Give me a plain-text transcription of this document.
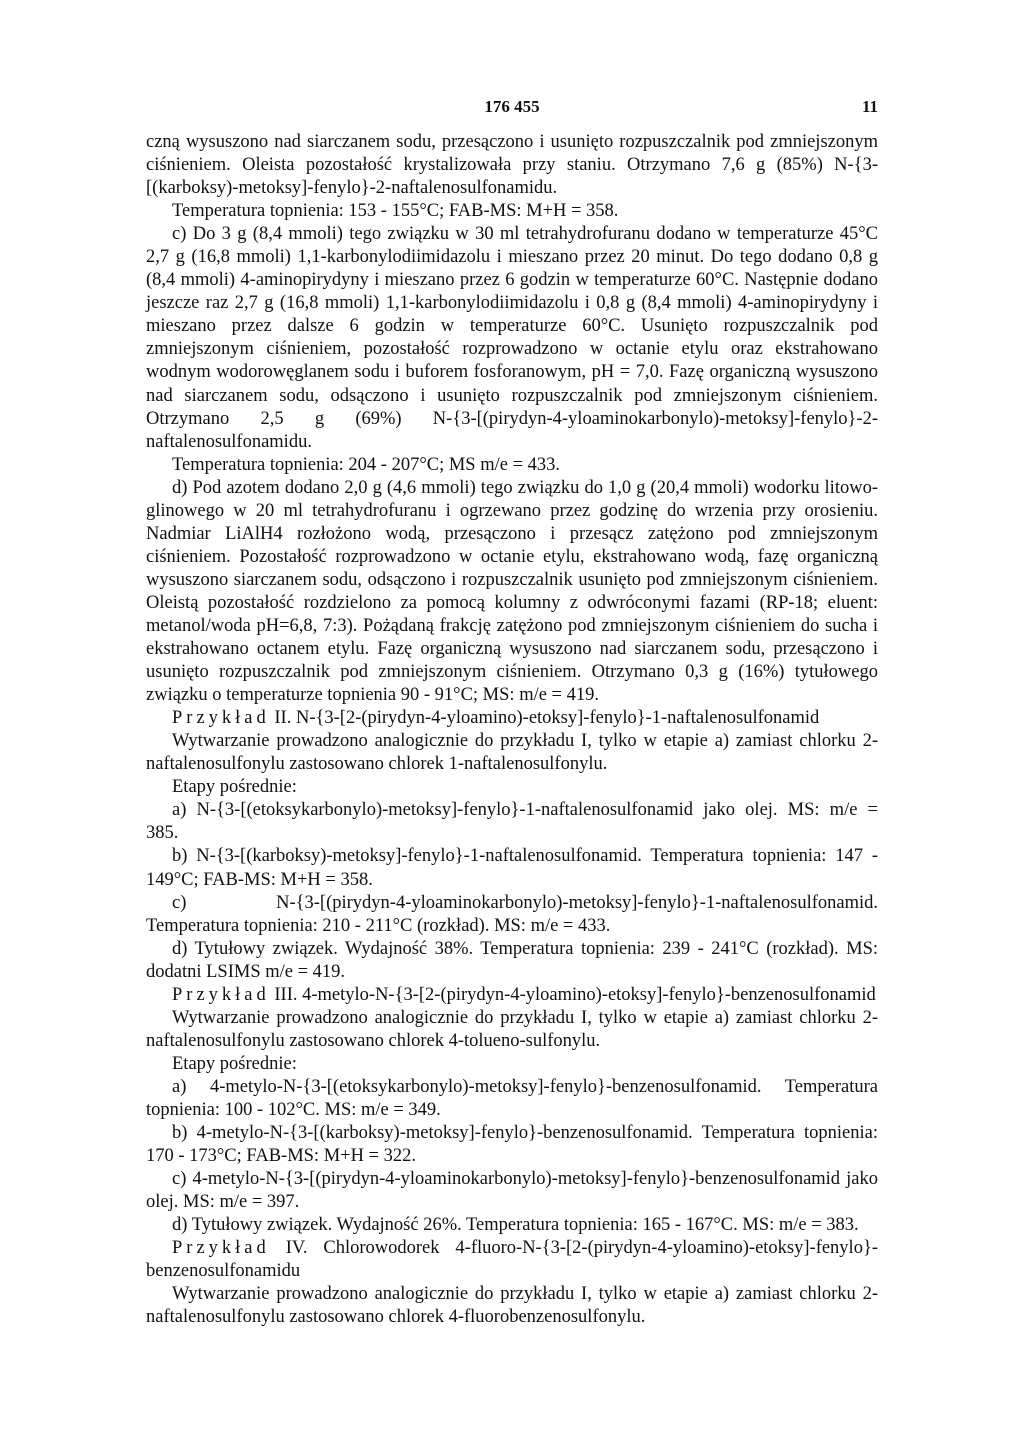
176 455	11

czną wysuszono nad siarczanem sodu, przesączono i usunięto rozpuszczalnik pod zmniejszonym ciśnieniem. Oleista pozostałość krystalizowała przy staniu. Otrzymano 7,6 g (85%) N-{3-[(karboksy)-metoksy]-fenylo}-2-naftalenosulfonamidu.

Temperatura topnienia: 153 - 155°C; FAB-MS: M+H = 358.

c) Do 3 g (8,4 mmoli) tego związku w 30 ml tetrahydrofuranu dodano w temperaturze 45°C 2,7 g (16,8 mmoli) 1,1-karbonylodiimidazolu i mieszano przez 20 minut. Do tego dodano 0,8 g (8,4 mmoli) 4-aminopirydyny i mieszano przez 6 godzin w temperaturze 60°C. Następnie dodano jeszcze raz 2,7 g (16,8 mmoli) 1,1-karbonylodiimidazolu i 0,8 g (8,4 mmoli) 4-aminopirydyny i mieszano przez dalsze 6 godzin w temperaturze 60°C. Usunięto rozpuszczalnik pod zmniejszonym ciśnieniem, pozostałość rozprowadzono w octanie etylu oraz ekstrahowano wodnym wodorowęglanem sodu i buforem fosforanowym, pH = 7,0. Fazę organiczną wysuszono nad siarczanem sodu, odsączono i usunięto rozpuszczalnik pod zmniejszonym ciśnieniem. Otrzymano 2,5 g (69%) N-{3-[(pirydyn-4-yloaminokarbonylo)-metoksy]-fenylo}-2-naftalenosulfonamidu.

Temperatura topnienia: 204 - 207°C; MS m/e = 433.

d) Pod azotem dodano 2,0 g (4,6 mmoli) tego związku do 1,0 g (20,4 mmoli) wodorku litowo-glinowego w 20 ml tetrahydrofuranu i ogrzewano przez godzinę do wrzenia przy orosieniu. Nadmiar LiAlH4 rozłożono wodą, przesączono i przesącz zatężono pod zmniejszonym ciśnieniem. Pozostałość rozprowadzono w octanie etylu, ekstrahowano wodą, fazę organiczną wysuszono siarczanem sodu, odsączono i rozpuszczalnik usunięto pod zmniejszonym ciśnieniem. Oleistą pozostałość rozdzielono za pomocą kolumny z odwróconymi fazami (RP-18; eluent: metanol/woda pH=6,8, 7:3). Pożądaną frakcję zatężono pod zmniejszonym ciśnieniem do sucha i ekstrahowano octanem etylu. Fazę organiczną wysuszono nad siarczanem sodu, przesączono i usunięto rozpuszczalnik pod zmniejszonym ciśnieniem. Otrzymano 0,3 g (16%) tytułowego związku o temperaturze topnienia 90 - 91°C; MS: m/e = 419.

Przykład II. N-{3-[2-(pirydyn-4-yloamino)-etoksy]-fenylo}-1-naftalenosulfonamid

Wytwarzanie prowadzono analogicznie do przykładu I, tylko w etapie a) zamiast chlorku 2-naftalenosulfonylu zastosowano chlorek 1-naftalenosulfonylu.

Etapy pośrednie:

a) N-{3-[(etoksykarbonylo)-metoksy]-fenylo}-1-naftalenosulfonamid jako olej. MS: m/e = 385.

b) N-{3-[(karboksy)-metoksy]-fenylo}-1-naftalenosulfonamid. Temperatura topnienia: 147 - 149°C; FAB-MS: M+H = 358.

c) N-{3-[(pirydyn-4-yloaminokarbonylo)-metoksy]-fenylo}-1-naftalenosulfonamid. Temperatura topnienia: 210 - 211°C (rozkład). MS: m/e = 433.

d) Tytułowy związek. Wydajność 38%. Temperatura topnienia: 239 - 241°C (rozkład). MS: dodatni LSIMS m/e = 419.

Przykład III. 4-metylo-N-{3-[2-(pirydyn-4-yloamino)-etoksy]-fenylo}-benzenosulfonamid

Wytwarzanie prowadzono analogicznie do przykładu I, tylko w etapie a) zamiast chlorku 2-naftalenosulfonylu zastosowano chlorek 4-tolueno-sulfonylu.

Etapy pośrednie:

a) 4-metylo-N-{3-[(etoksykarbonylo)-metoksy]-fenylo}-benzenosulfonamid. Temperatura topnienia: 100 - 102°C. MS: m/e = 349.

b) 4-metylo-N-{3-[(karboksy)-metoksy]-fenylo}-benzenosulfonamid. Temperatura topnienia: 170 - 173°C; FAB-MS: M+H = 322.

c) 4-metylo-N-{3-[(pirydyn-4-yloaminokarbonylo)-metoksy]-fenylo}-benzenosulfonamid jako olej. MS: m/e = 397.

d) Tytułowy związek. Wydajność 26%. Temperatura topnienia: 165 - 167°C. MS: m/e = 383.

Przykład IV. Chlorowodorek 4-fluoro-N-{3-[2-(pirydyn-4-yloamino)-etoksy]-fenylo}-benzenosulfonamidu

Wytwarzanie prowadzono analogicznie do przykładu I, tylko w etapie a) zamiast chlorku 2-naftalenosulfonylu zastosowano chlorek 4-fluorobenzenosulfonylu.
